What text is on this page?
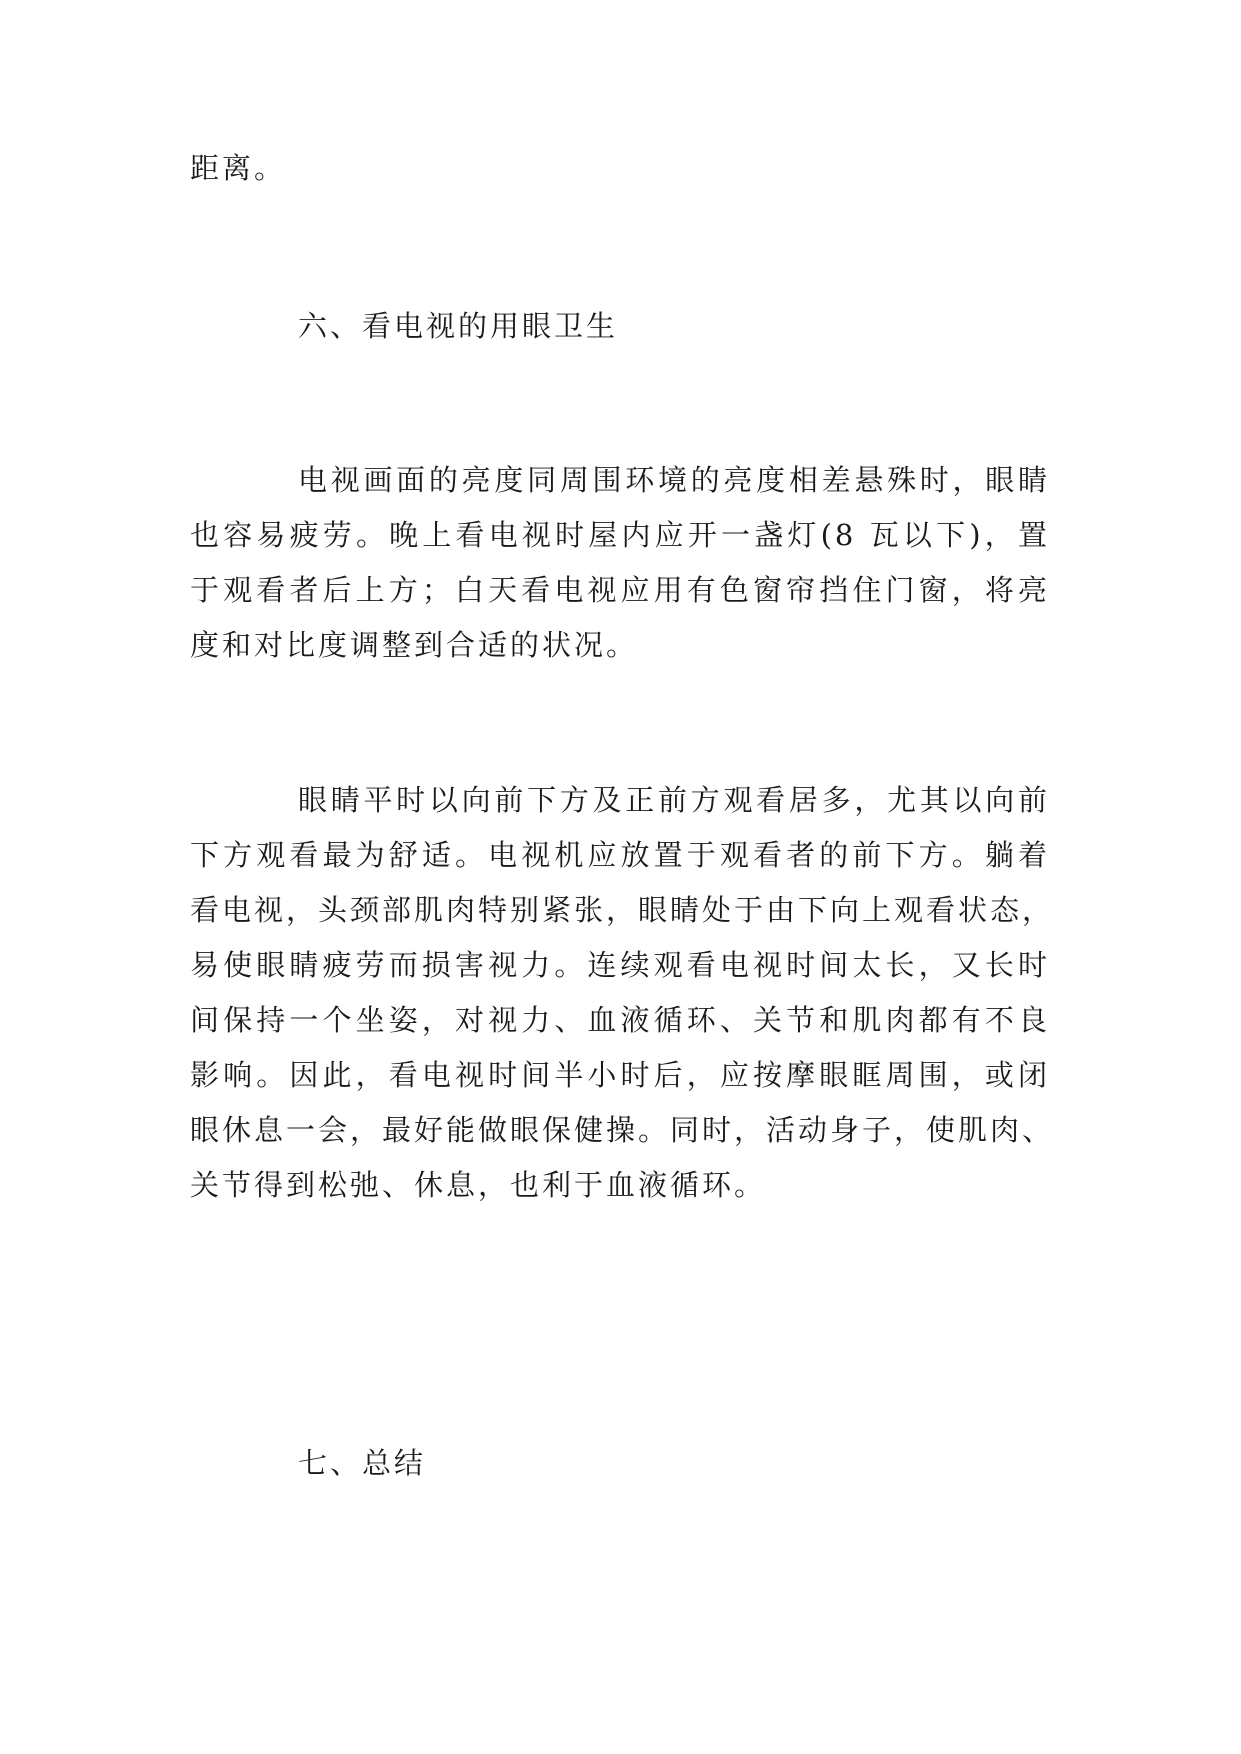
距离。
六、看电视的用眼卫生
电视画面的亮度同周围环境的亮度相差悬殊时，眼睛
也容易疲劳。晚上看电视时屋内应开一盏灯(8 瓦以下)，置
于观看者后上方；白天看电视应用有色窗帘挡住门窗，将亮
度和对比度调整到合适的状况。
眼睛平时以向前下方及正前方观看居多，尤其以向前
下方观看最为舒适。电视机应放置于观看者的前下方。躺着
看电视，头颈部肌肉特别紧张，眼睛处于由下向上观看状态，
易使眼睛疲劳而损害视力。连续观看电视时间太长，又长时
间保持一个坐姿，对视力、血液循环、关节和肌肉都有不良
影响。因此，看电视时间半小时后，应按摩眼眶周围，或闭
眼休息一会，最好能做眼保健操。同时，活动身子，使肌肉、
关节得到松弛、休息，也利于血液循环。
七、总结
